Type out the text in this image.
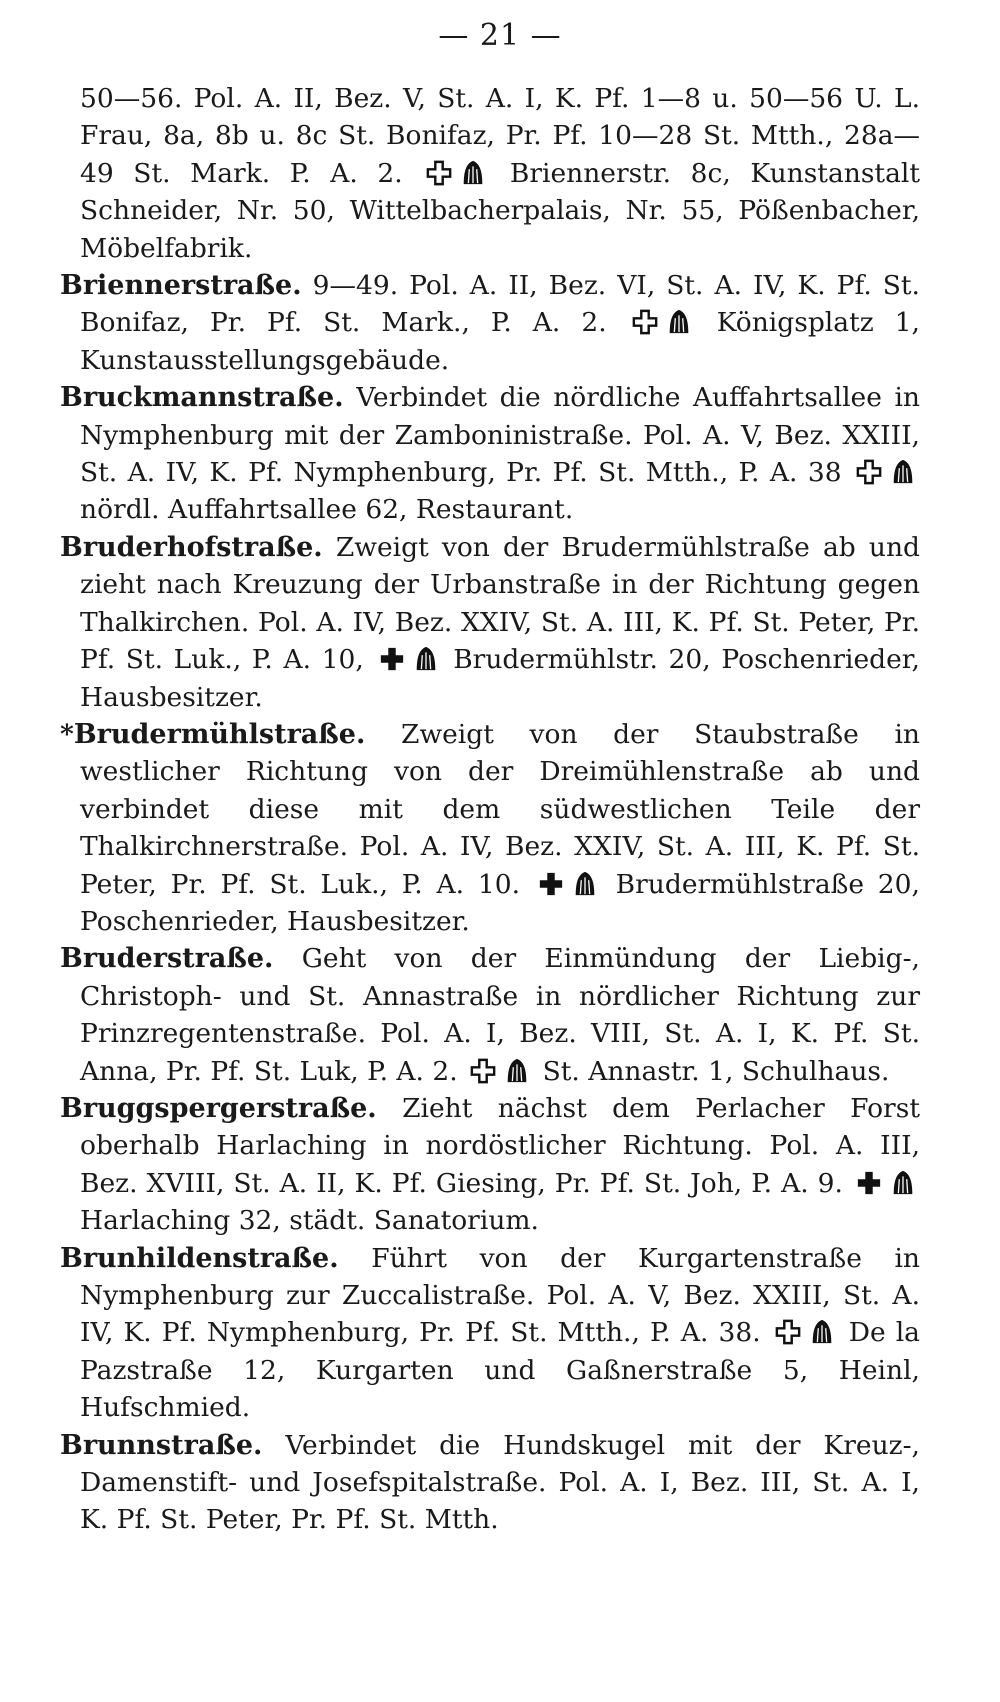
— 21 —

50—56. Pol. A. II, Bez. V, St. A. I, K. Pf. 1—8 u. 50—56 U. L. Frau, 8a, 8b u. 8c St. Bonifaz, Pr. Pf. 10—28 St. Mtth., 28a—49 St. Mark. P. A. 2.	Briennerstr. 8c, Kunstanstalt Schneider, Nr. 50, Wittelbacherpalais, Nr. 55, Pößenbacher, Möbelfabrik.

Briennerstraße. 9—49. Pol. A. II, Bez. VI, St. A. IV, K. Pf. St. Bonifaz, Pr. Pf. St. Mark., P. A. 2.	Königsplatz 1, Kunstausstellungsgebäude.

Bruckmannstraße. Verbindet die nördliche Auffahrtsallee in Nymphenburg mit der Zamboninistraße. Pol. A. V, Bez. XXIII, St. A. IV, K. Pf. Nymphenburg, Pr. Pf. St. Mtth., P. A. 38
nördl. Auffahrtsallee 62, Restaurant.

Bruderhofstraße. Zweigt von der Brudermühlstraße ab und zieht nach Kreuzung der Urbanstraße in der Richtung gegen Thalkirchen. Pol. A. IV, Bez. XXIV, St. A. III, K. Pf. St. Peter, Pr. Pf. St. Luk., P. A. 10,	Brudermühlstr. 20, Poschenrieder, Hausbesitzer.

*Brudermühlstraße. Zweigt von der Staubstraße in westlicher Richtung von der Dreimühlenstraße ab und verbindet diese mit dem südwestlichen Teile der Thalkirchnerstraße. Pol. A. IV, Bez. XXIV, St. A. III, K. Pf. St. Peter, Pr. Pf. St. Luk., P. A. 10.	Brudermühlstraße 20, Poschenrieder, Hausbesitzer.

Bruderstraße. Geht von der Einmündung der Liebig-, Christoph- und St. Annastraße in nördlicher Richtung zur Prinzregentenstraße. Pol. A. I, Bez. VIII, St. A. I, K. Pf. St. Anna, Pr. Pf. St. Luk, P. A. 2.	St. Annastr. 1, Schulhaus.

Bruggspergerstraße. Zieht nächst dem Perlacher Forst oberhalb Harlaching in nordöstlicher Richtung. Pol. A. III, Bez. XVIII, St. A. II, K. Pf. Giesing, Pr. Pf. St. Joh, P. A. 9.
Harlaching 32, städt. Sanatorium.

Brunhildenstraße. Führt von der Kurgartenstraße in Nymphenburg zur Zuccalistraße. Pol. A. V, Bez. XXIII, St. A. IV, K. Pf. Nymphenburg, Pr. Pf. St. Mtth., P. A. 38.	De la Pazstraße 12, Kurgarten und Gaßnerstraße 5, Heinl, Hufschmied.

Brunnstraße. Verbindet die Hundskugel mit der Kreuz-, Damenstift- und Josefspitalstraße. Pol. A. I, Bez. III, St. A. I, K. Pf. St. Peter, Pr. Pf. St. Mtth.
